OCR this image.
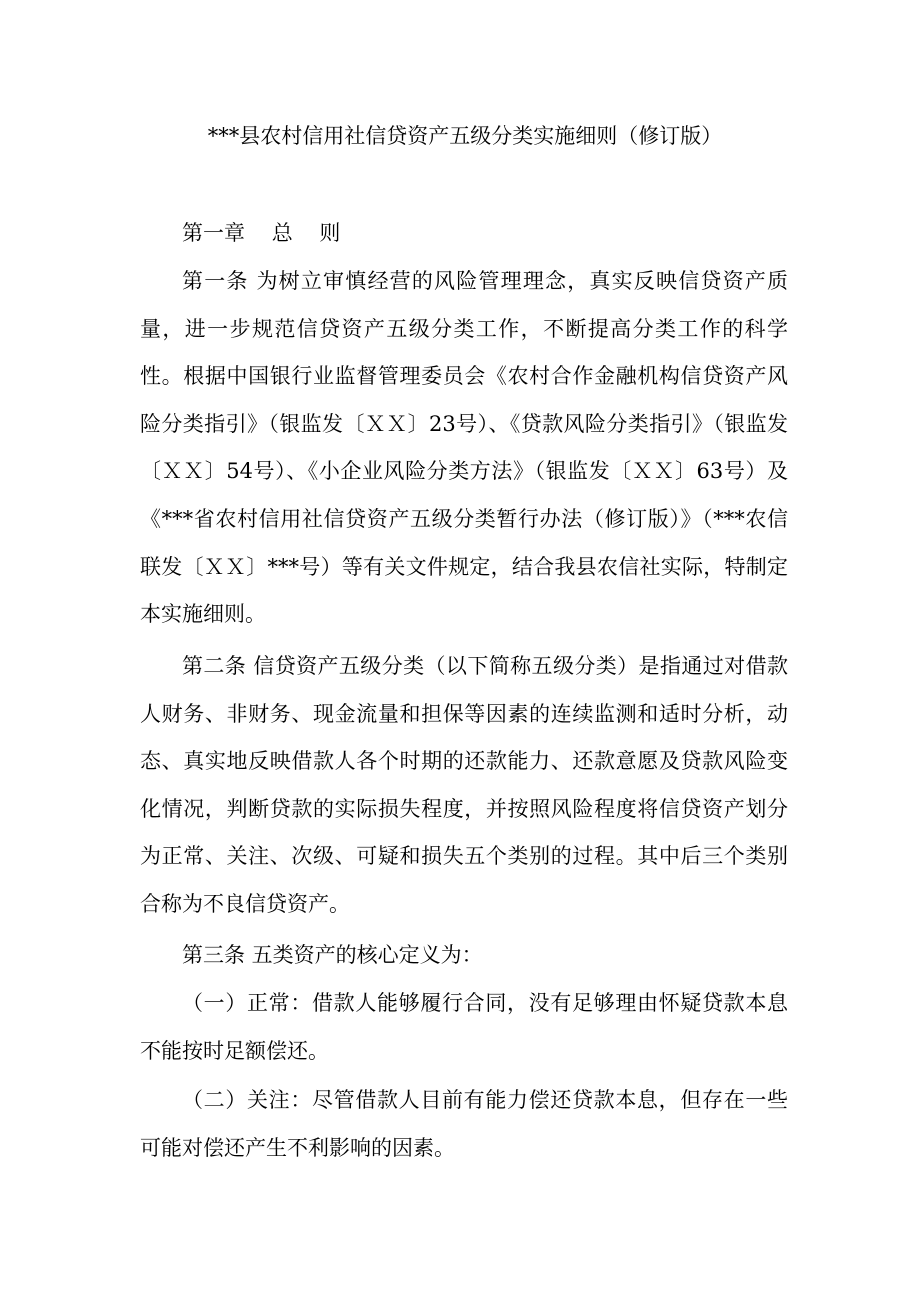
***县农村信用社信贷资产五级分类实施细则（修订版）
第一章    总    则

第一条 为树立审慎经营的风险管理理念，真实反映信贷资产质量，进一步规范信贷资产五级分类工作，不断提高分类工作的科学性。根据中国银行业监督管理委员会《农村合作金融机构信贷资产风险分类指引》（银监发〔ＸＸ〕23号）、《贷款风险分类指引》（银监发〔ＸＸ〕54号）、《小企业风险分类方法》（银监发〔ＸＸ〕63号）及《***省农村信用社信贷资产五级分类暂行办法（修订版）》（***农信联发〔ＸＸ〕***号）等有关文件规定，结合我县农信社实际，特制定本实施细则。

第二条 信贷资产五级分类（以下简称五级分类）是指通过对借款人财务、非财务、现金流量和担保等因素的连续监测和适时分析，动态、真实地反映借款人各个时期的还款能力、还款意愿及贷款风险变化情况，判断贷款的实际损失程度，并按照风险程度将信贷资产划分为正常、关注、次级、可疑和损失五个类别的过程。其中后三个类别合称为不良信贷资产。

第三条 五类资产的核心定义为：

（一）正常：借款人能够履行合同，没有足够理由怀疑贷款本息不能按时足额偿还。

（二）关注：尽管借款人目前有能力偿还贷款本息，但存在一些可能对偿还产生不利影响的因素。
